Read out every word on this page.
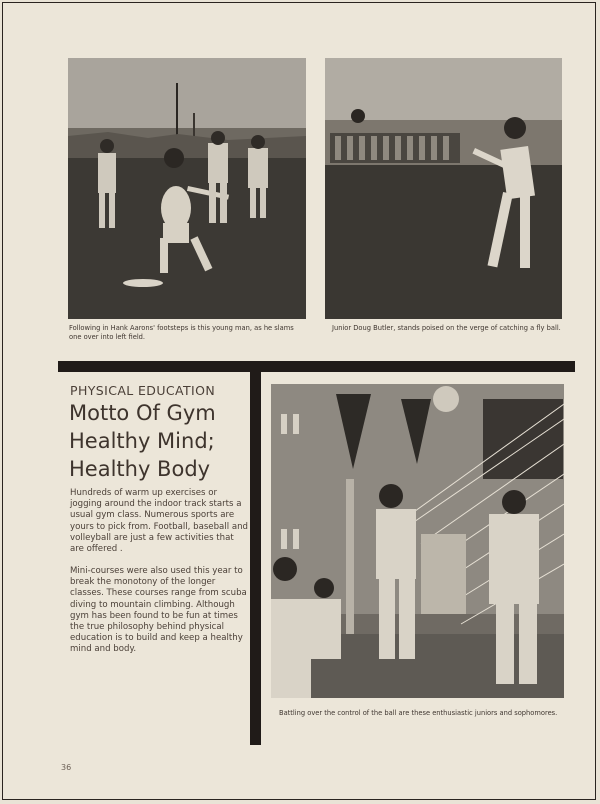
Following in Hank Aarons' footsteps is this young man, as he slams one over into left field.
Junior Doug Butler, stands poised on the verge of catching a fly ball.
PHYSICAL EDUCATION
Motto Of Gym
Healthy Mind;
Healthy Body

Hundreds of warm up exercises or jogging around the indoor track starts a usual gym class. Numerous sports are yours to pick from. Football, baseball and volleyball are just a few activities that are offered .

Mini-courses were also used this year to break the monotony of the longer classes. These courses range from scuba diving to mountain climbing. Although gym has been found to be fun at times the true philosophy behind physical education is to build and keep a healthy mind and body.

Battling over the control of the ball are these enthusiastic juniors and sophomores.
36
